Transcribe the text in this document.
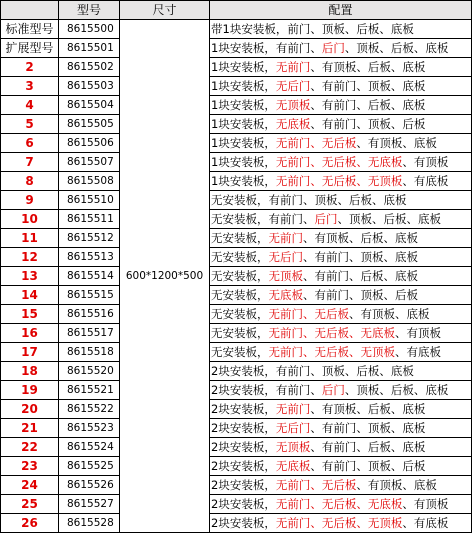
	型号	尺寸	配置
标准型号	8615500	600*1200*500	带1块安装板，前门、顶板、后板、底板
扩展型号	8615501		1块安装板，有前门、后门、顶板、后板、底板
2	8615502		1块安装板，无前门、有顶板、后板、底板
3	8615503		1块安装板，无后门、有前门、顶板、底板
4	8615504		1块安装板，无顶板、有前门、后板、底板
5	8615505		1块安装板，无底板、有前门、顶板、后板
6	8615506		1块安装板，无前门、无后板、有顶板、底板
7	8615507		1块安装板，无前门、无后板、无底板、有顶板
8	8615508		1块安装板，无前门、无后板、无顶板、有底板
9	8615510		无安装板，有前门、顶板、后板、底板
10	8615511		无安装板，有前门、后门、顶板、后板、底板
11	8615512		无安装板，无前门、有顶板、后板、底板
12	8615513		无安装板，无后门、有前门、顶板、底板
13	8615514		无安装板，无顶板、有前门、后板、底板
14	8615515		无安装板，无底板、有前门、顶板、后板
15	8615516		无安装板，无前门、无后板、有顶板、底板
16	8615517		无安装板，无前门、无后板、无底板、有顶板
17	8615518		无安装板，无前门、无后板、无顶板、有底板
18	8615520		2块安装板，有前门、顶板、后板、底板
19	8615521		2块安装板，有前门、后门、顶板、后板、底板
20	8615522		2块安装板，无前门、有顶板、后板、底板
21	8615523		2块安装板，无后门、有前门、顶板、底板
22	8615524		2块安装板，无顶板、有前门、后板、底板
23	8615525		2块安装板，无底板、有前门、顶板、后板
24	8615526		2块安装板，无前门、无后板、有顶板、底板
25	8615527		2块安装板，无前门、无后板、无底板、有顶板
26	8615528		2块安装板，无前门、无后板、无顶板、有底板
